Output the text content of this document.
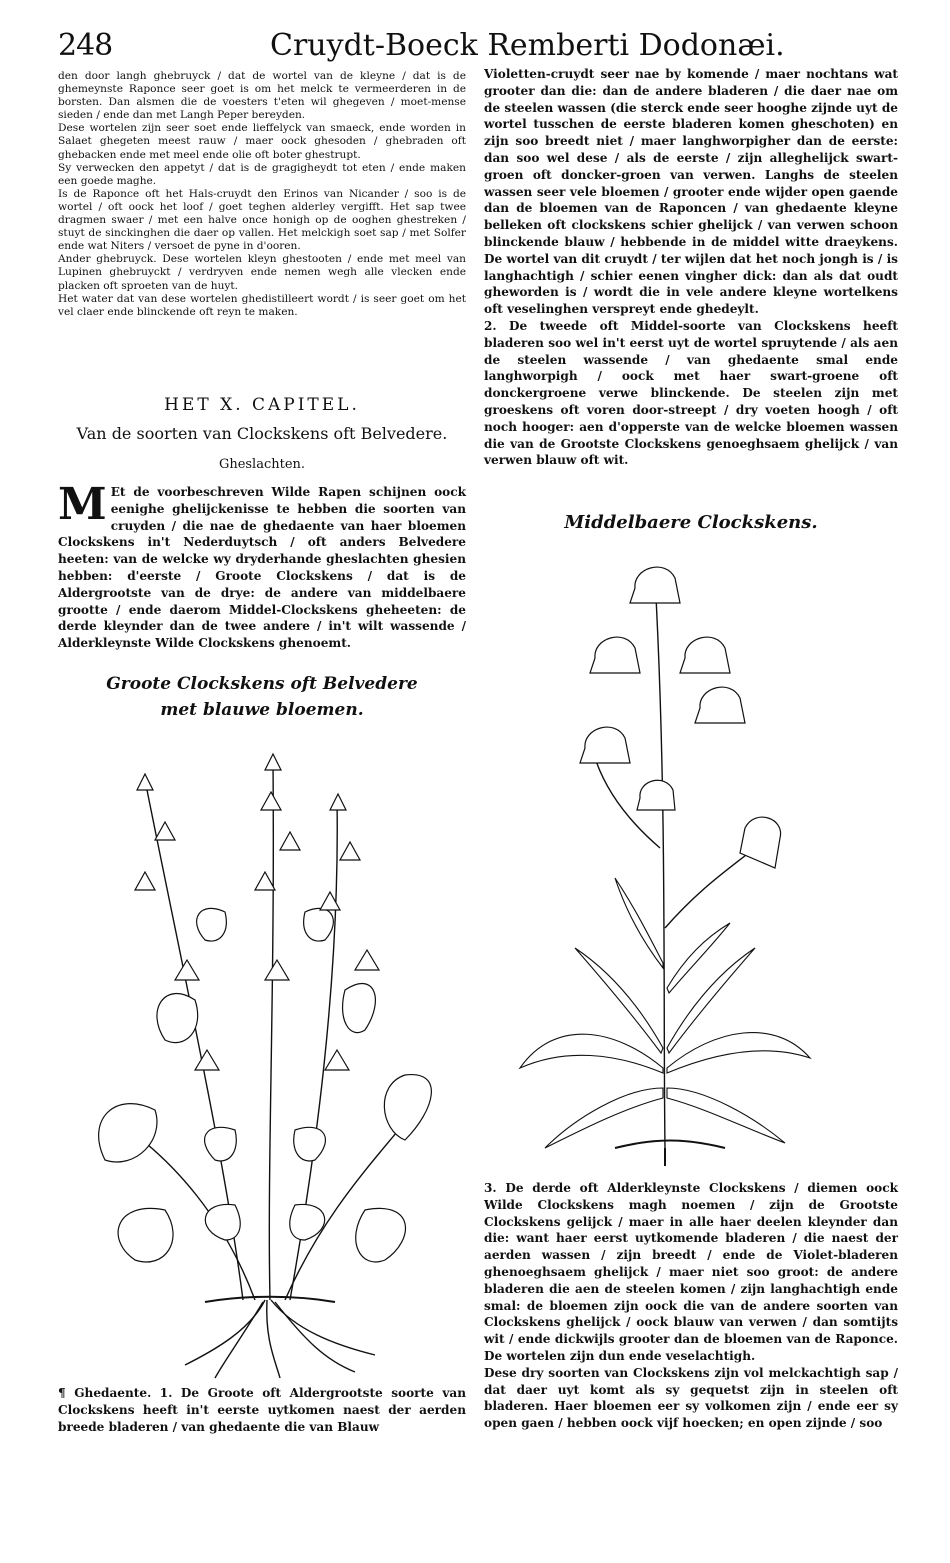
248	Cruydt-Boeck Remberti Dodonæi.

den door langh ghebruyck / dat de wortel van de kleyne / dat is de ghemeynste Raponce seer goet is om het melck te vermeerderen in de borsten. Dan alsmen die de voesters t'eten wil ghegeven / moet-mense sieden / ende dan met Langh Peper bereyden.

Dese wortelen zijn seer soet ende lieffelyck van smaeck, ende worden in Salaet ghegeten meest rauw / maer oock ghesoden / ghebraden oft ghebacken ende met meel ende olie oft boter ghestrupt.

Sy verwecken den appetyt / dat is de gragigheydt tot eten / ende maken een goede maghe.

Is de Raponce oft het Hals-cruydt den Erinos van Nicander / soo is de wortel / oft oock het loof / goet teghen alderley vergifft. Het sap twee dragmen swaer / met een halve once honigh op de ooghen ghestreken / stuyt de sinckinghen die daer op vallen. Het melckigh soet sap / met Solfer ende wat Niters / versoet de pyne in d'ooren.

Ander ghebruyck. Dese wortelen kleyn ghestooten / ende met meel van Lupinen ghebruyckt / verdryven ende nemen wegh alle vlecken ende placken oft sproeten van de huyt.

Het water dat van dese wortelen ghedistilleert wordt / is seer goet om het vel claer ende blinckende oft reyn te maken.

HET X. CAPITEL.
Van de soorten van Clockskens oft Belvedere.
Gheslachten.
M Et de voorbeschreven Wilde Rapen schijnen oock eenighe ghelijckenisse te hebben die soorten van cruyden / die nae de ghedaente van haer bloemen Clockskens in't Nederduytsch / oft anders Belvedere heeten: van de welcke wy dryderhande gheslachten ghesien hebben: d'eerste / Groote Clockskens / dat is de Aldergrootste van de drye: de andere van middelbaere grootte / ende daerom Middel-Clockskens gheheeten: de derde kleynder dan de twee andere / in't wilt wassende / Alderkleynste Wilde Clockskens ghenoemt.

Groote Clockskens oft Belvedere
met blauwe bloemen.

¶ Ghedaente. 1. De Groote oft Aldergrootste soorte van Clockskens heeft in't eerste uytkomen naest der aerden breede bladeren / van ghedaente die van Blauw

Violetten-cruydt seer nae by komende / maer nochtans wat grooter dan die: dan de andere bladeren / die daer nae om de steelen wassen (die sterck ende seer hooghe zijnde uyt de wortel tusschen de eerste bladeren komen gheschoten) en zijn soo breedt niet / maer langhworpigher dan de eerste: dan soo wel dese / als de eerste / zijn alleghelijck swart-groen oft doncker-groen van verwen. Langhs de steelen wassen seer vele bloemen / grooter ende wijder open gaende dan de bloemen van de Raponcen / van ghedaente kleyne belleken oft clockskens schier ghelijck / van verwen schoon blinckende blauw / hebbende in de middel witte draeykens. De wortel van dit cruydt / ter wijlen dat het noch jongh is / is langhachtigh / schier eenen vingher dick: dan als dat oudt gheworden is / wordt die in vele andere kleyne wortelkens oft veselinghen verspreyt ende ghedeylt.

2. De tweede oft Middel-soorte van Clockskens heeft bladeren soo wel in't eerst uyt de wortel spruytende / als aen de steelen wassende / van ghedaente smal ende langhworpigh / oock met haer swart-groene oft donckergroene verwe blinckende. De steelen zijn met groeskens oft voren door-streept / dry voeten hoogh / oft noch hooger: aen d'opperste van de welcke bloemen wassen die van de Grootste Clockskens genoeghsaem ghelijck / van verwen blauw oft wit.

Middelbaere Clockskens.

3. De derde oft Alderkleynste Clockskens / diemen oock Wilde Clockskens magh noemen / zijn de Grootste Clockskens gelijck / maer in alle haer deelen kleynder dan die: want haer eerst uytkomende bladeren / die naest der aerden wassen / zijn breedt / ende de Violet-bladeren ghenoeghsaem ghelijck / maer niet soo groot: de andere bladeren die aen de steelen komen / zijn langhachtigh ende smal: de bloemen zijn oock die van de andere soorten van Clockskens ghelijck / oock blauw van verwen / dan somtijts wit / ende dickwijls grooter dan de bloemen van de Raponce. De wortelen zijn dun ende veselachtigh.

Dese dry soorten van Clockskens zijn vol melckachtigh sap / dat daer uyt komt als sy gequetst zijn in steelen oft bladeren. Haer bloemen eer sy volkomen zijn / ende eer sy open gaen / hebben oock vijf hoecken; en open zijnde / soo
